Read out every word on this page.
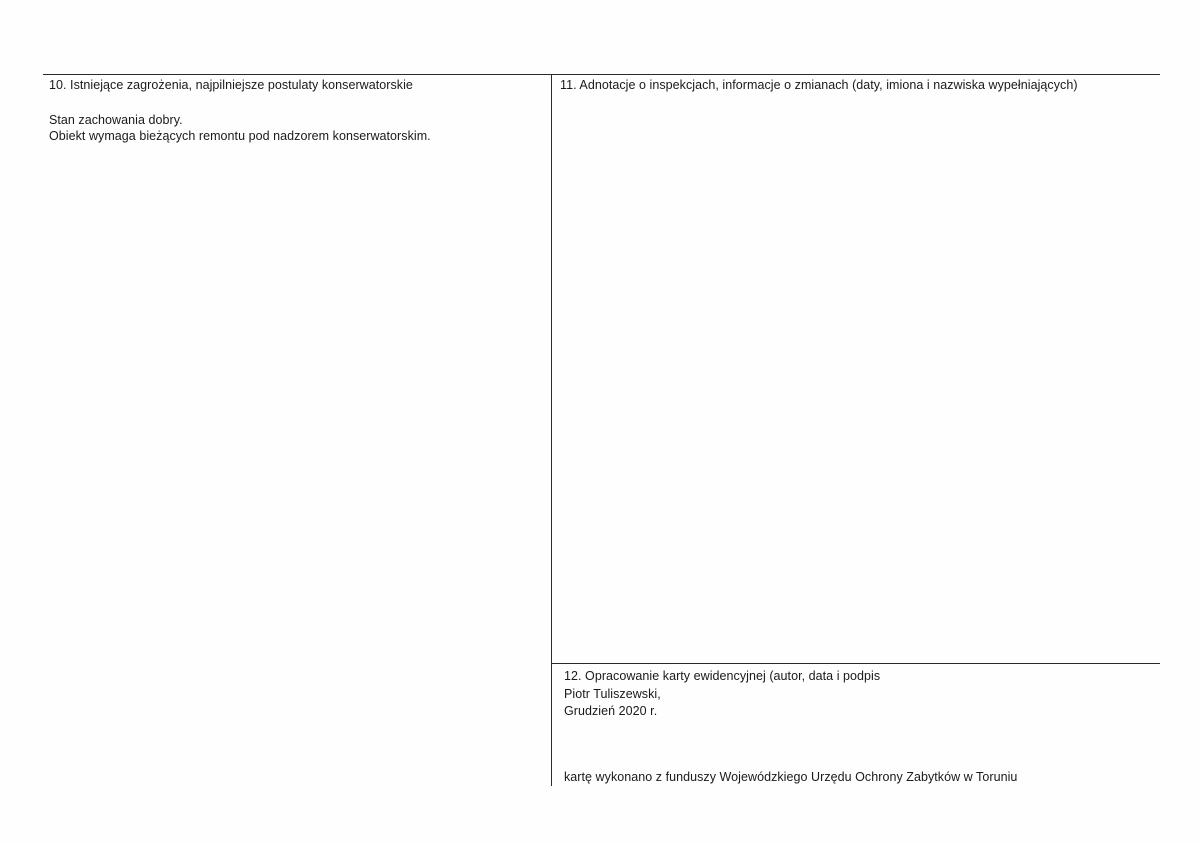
10. Istniejące zagrożenia, najpilniejsze postulaty konserwatorskie
Stan zachowania dobry.
Obiekt wymaga bieżących remontu pod nadzorem konserwatorskim.
11. Adnotacje o inspekcjach, informacje o zmianach (daty, imiona i nazwiska wypełniających)
12. Opracowanie karty ewidencyjnej (autor, data i podpis
Piotr Tuliszewski,
Grudzień 2020 r.
kartę wykonano z funduszy Wojewódzkiego Urzędu Ochrony Zabytków w Toruniu
